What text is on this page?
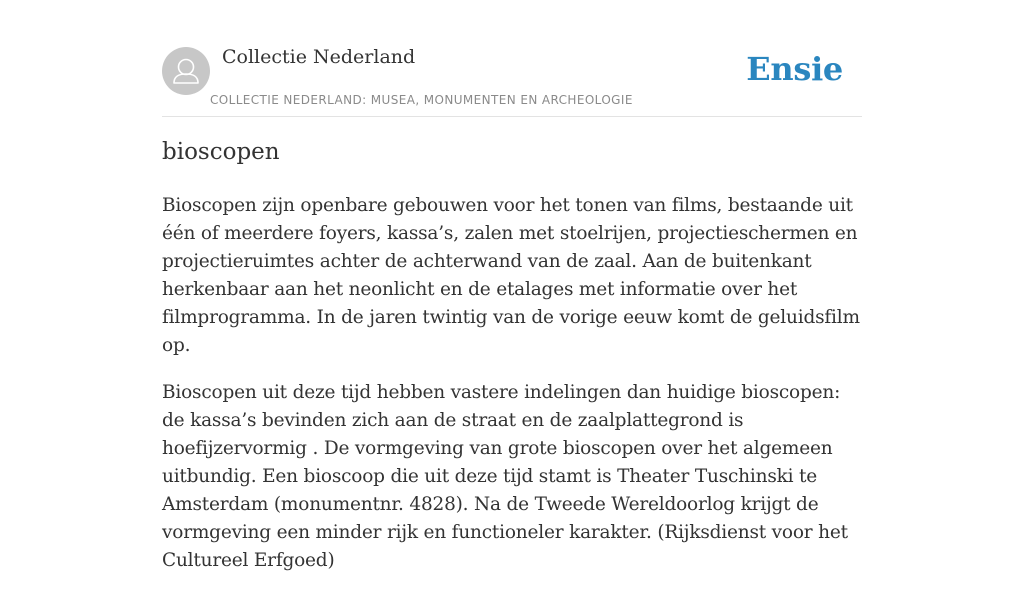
Collectie Nederland
COLLECTIE NEDERLAND: MUSEA, MONUMENTEN EN ARCHEOLOGIE
Ensie
bioscopen

Bioscopen zijn openbare gebouwen voor het tonen van films, bestaande uit één of meerdere foyers, kassa’s, zalen met stoelrijen, projectieschermen en projectieruimtes achter de achterwand van de zaal. Aan de buitenkant herkenbaar aan het neonlicht en de etalages met informatie over het filmprogramma. In de jaren twintig van de vorige eeuw komt de geluidsfilm op.

Bioscopen uit deze tijd hebben vastere indelingen dan huidige bioscopen: de kassa’s bevinden zich aan de straat en de zaalplattegrond is hoefijzervormig . De vormgeving van grote bioscopen over het algemeen uitbundig. Een bioscoop die uit deze tijd stamt is Theater Tuschinski te Amsterdam (monumentnr. 4828). Na de Tweede Wereldoorlog krijgt de vormgeving een minder rijk en functioneler karakter. (Rijksdienst voor het Cultureel Erfgoed)
